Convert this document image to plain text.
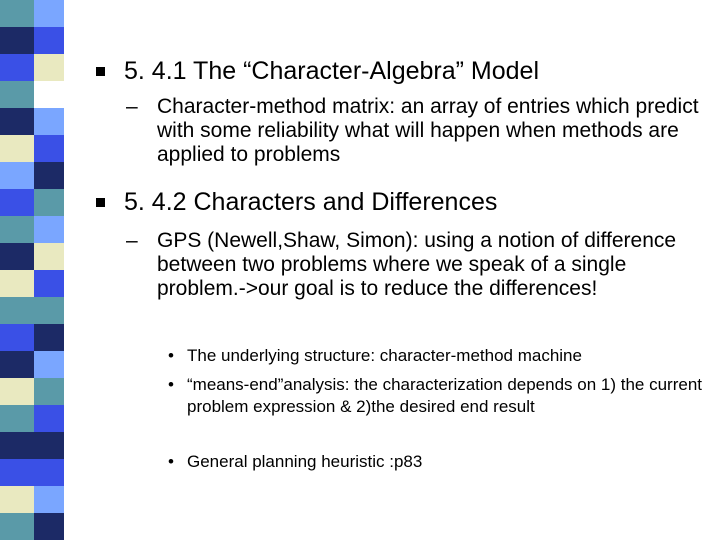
5. 4.1 The “Character-Algebra” Model
– Character-method matrix: an array of entries which predict with some reliability what will happen when methods are applied to problems
5. 4.2 Characters and Differences
– GPS (Newell,Shaw, Simon): using a notion of difference between two problems where we speak of a single problem.->our goal is to reduce the differences!
• The underlying structure: character-method machine
• “means-end”analysis: the characterization depends on 1) the current problem expression & 2)the desired end result
• General planning heuristic :p83
